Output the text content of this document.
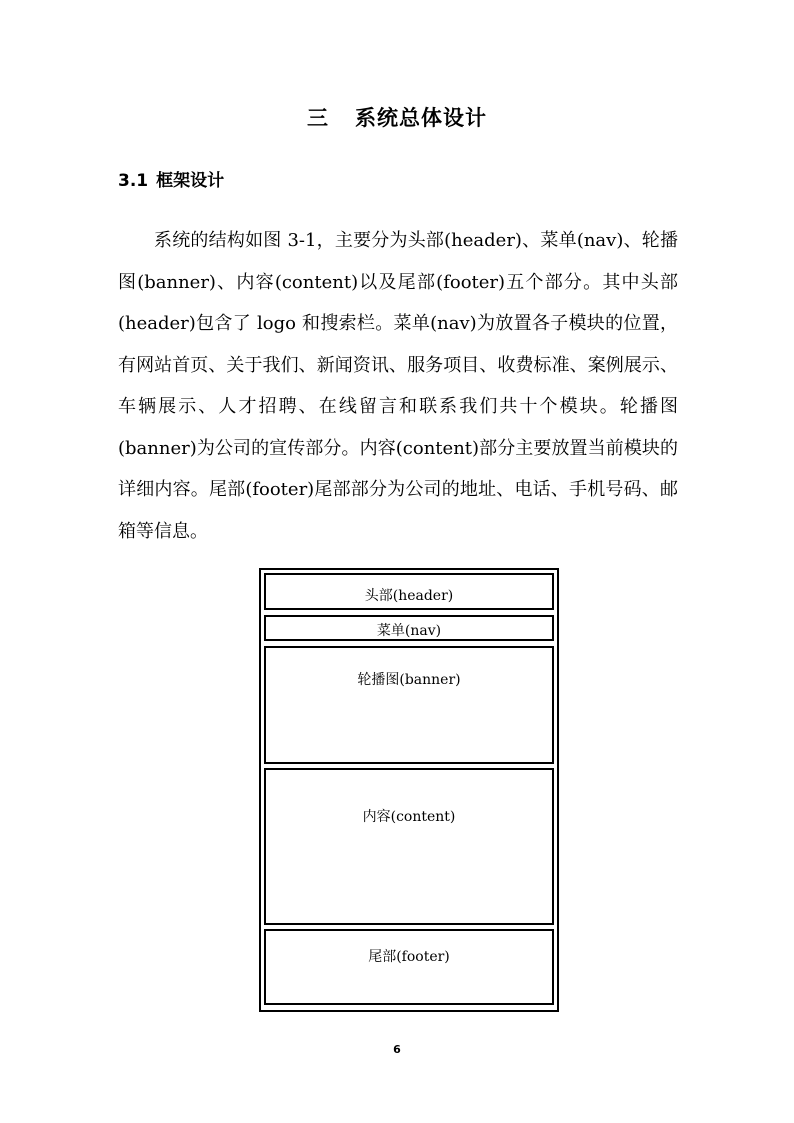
三 系统总体设计
3.1 框架设计

系统的结构如图 3-1，主要分为头部(header)、菜单(nav)、轮播图(banner)、内容(content)以及尾部(footer)五个部分。其中头部(header)包含了 logo 和搜索栏。菜单(nav)为放置各子模块的位置，有网站首页、关于我们、新闻资讯、服务项目、收费标准、案例展示、车辆展示、人才招聘、在线留言和联系我们共十个模块。轮播图(banner)为公司的宣传部分。内容(content)部分主要放置当前模块的详细内容。尾部(footer)尾部部分为公司的地址、电话、手机号码、邮箱等信息。

头部(header)
菜单(nav)
轮播图(banner)
内容(content)
尾部(footer)
6
